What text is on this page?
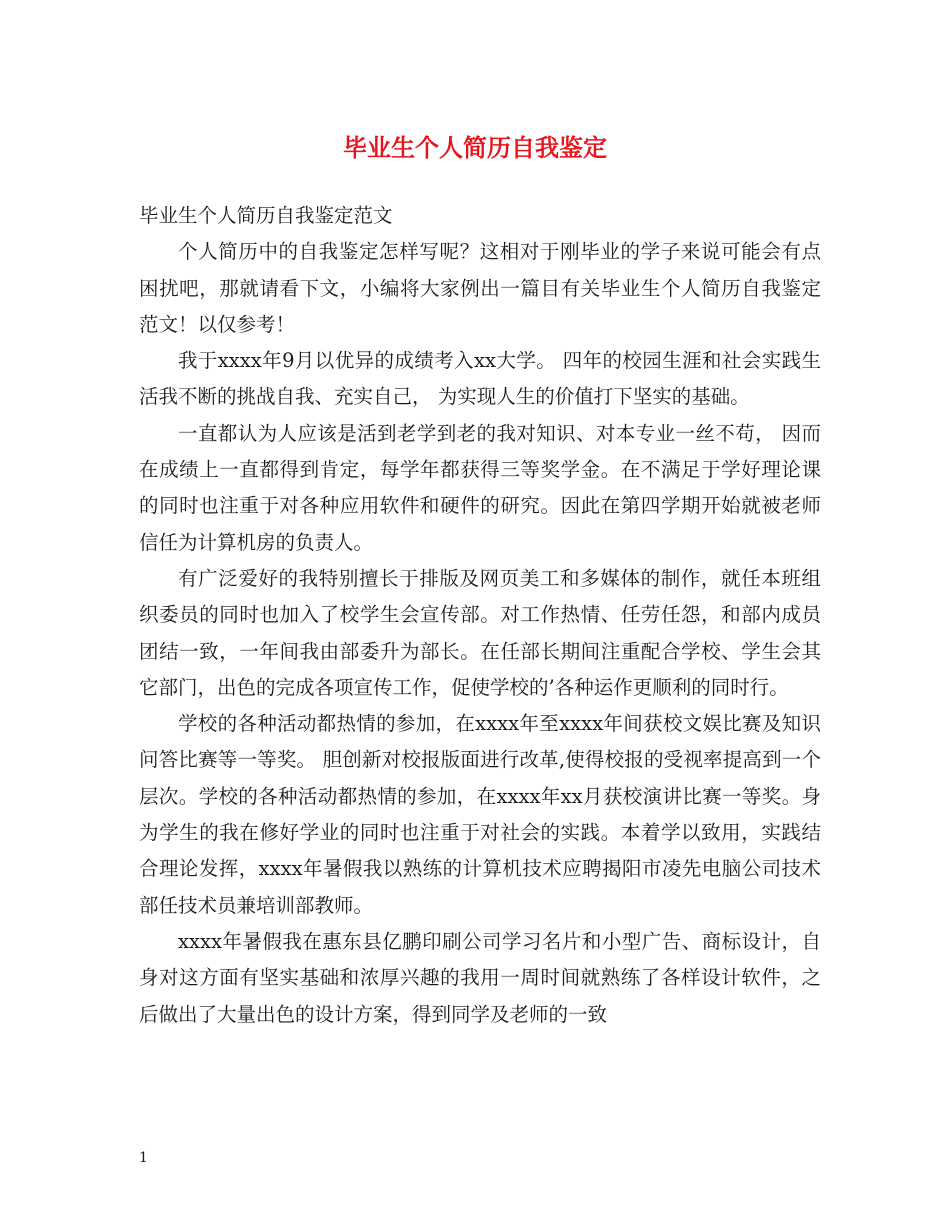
毕业生个人简历自我鉴定

毕业生个人简历自我鉴定范文

个人简历中的自我鉴定怎样写呢？这相对于刚毕业的学子来说可能会有点困扰吧，那就请看下文，小编将大家例出一篇目有关毕业生个人简历自我鉴定范文！以仅参考！

我于xxxx年9月以优异的成绩考入xx大学。 四年的校园生涯和社会实践生活我不断的挑战自我、充实自己， 为实现人生的价值打下坚实的基础。

一直都认为人应该是活到老学到老的我对知识、对本专业一丝不苟， 因而在成绩上一直都得到肯定，每学年都获得三等奖学金。在不满足于学好理论课的同时也注重于对各种应用软件和硬件的研究。因此在第四学期开始就被老师信任为计算机房的负责人。

有广泛爱好的我特别擅长于排版及网页美工和多媒体的制作，就任本班组织委员的同时也加入了校学生会宣传部。对工作热情、任劳任怨，和部内成员团结一致，一年间我由部委升为部长。在任部长期间注重配合学校、学生会其它部门，出色的完成各项宣传工作，促使学校的’各种运作更顺利的同时行。

学校的各种活动都热情的参加，在xxxx年至xxxx年间获校文娱比赛及知识问答比赛等一等奖。 胆创新对校报版面进行改革,使得校报的受视率提高到一个层次。学校的各种活动都热情的参加，在xxxx年xx月获校演讲比赛一等奖。身为学生的我在修好学业的同时也注重于对社会的实践。本着学以致用，实践结合理论发挥，xxxx年暑假我以熟练的计算机技术应聘揭阳市凌先电脑公司技术部任技术员兼培训部教师。

xxxx年暑假我在惠东县亿鹏印刷公司学习名片和小型广告、商标设计，自身对这方面有坚实基础和浓厚兴趣的我用一周时间就熟练了各样设计软件，之后做出了大量出色的设计方案，得到同学及老师的一致

1
